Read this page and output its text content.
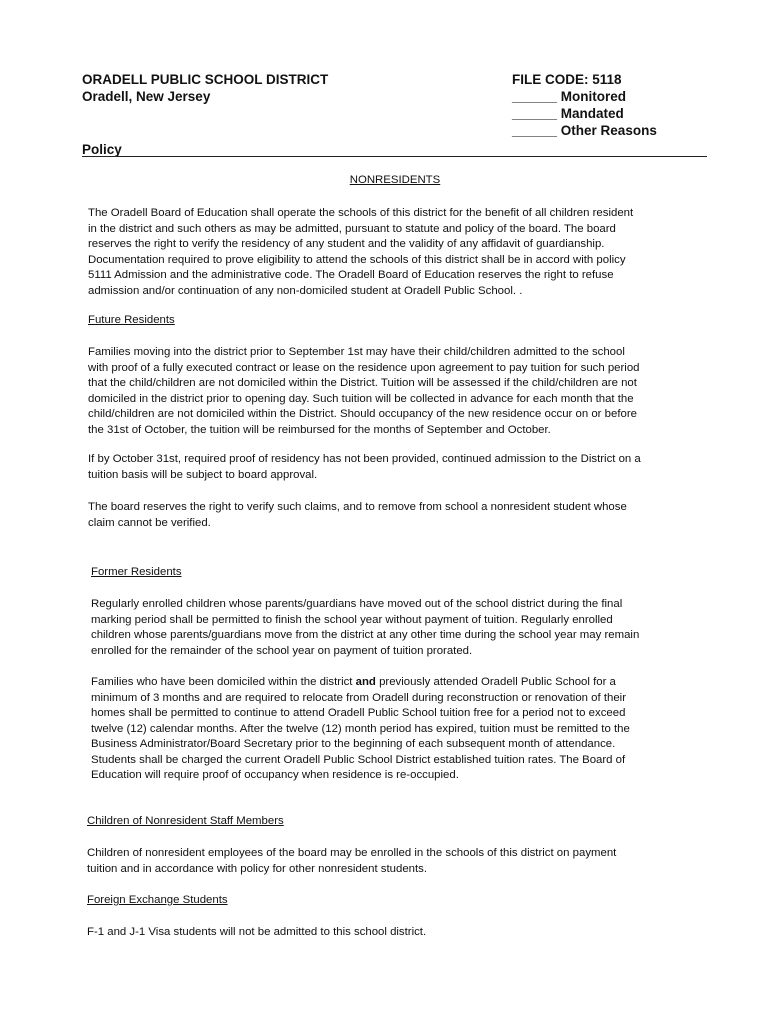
ORADELL PUBLIC SCHOOL DISTRICT
Oradell, New Jersey
FILE CODE: 5118
______ Monitored
______ Mandated
______ Other Reasons
Policy
NONRESIDENTS
The Oradell Board of Education shall operate the schools of this district for the benefit of all children resident
in the district and such others as may be admitted, pursuant to statute and policy of the board. The board
reserves the right to verify the residency of any student and the validity of any affidavit of guardianship.
Documentation required to prove eligibility to attend the schools of this district shall be in accord with policy
5111 Admission and the administrative code. The Oradell Board of Education reserves the right to refuse
admission and/or continuation of any non-domiciled student at Oradell Public School. .
Future Residents
Families moving into the district prior to September 1st may have their child/children admitted to the school
with proof of a fully executed contract or lease on the residence upon agreement to pay tuition for such period
that the child/children are not domiciled within the District. Tuition will be assessed if the child/children are not
domiciled in the district prior to opening day. Such tuition will be collected in advance for each month that the
child/children are not domiciled within the District. Should occupancy of the new residence occur on or before
the 31st of October, the tuition will be reimbursed for the months of September and October.
If by October 31st, required proof of residency has not been provided, continued admission to the District on a
tuition basis will be subject to board approval.
The board reserves the right to verify such claims, and to remove from school a nonresident student whose
claim cannot be verified.
Former Residents
Regularly enrolled children whose parents/guardians have moved out of the school district during the final
marking period shall be permitted to finish the school year without payment of tuition. Regularly enrolled
children whose parents/guardians move from the district at any other time during the school year may remain
enrolled for the remainder of the school year on payment of tuition prorated.
Families who have been domiciled within the district and previously attended Oradell Public School for a
minimum of 3 months and are required to relocate from Oradell during reconstruction or renovation of their
homes shall be permitted to continue to attend Oradell Public School tuition free for a period not to exceed
twelve (12) calendar months. After the twelve (12) month period has expired, tuition must be remitted to the
Business Administrator/Board Secretary prior to the beginning of each subsequent month of attendance.
Students shall be charged the current Oradell Public School District established tuition rates. The Board of
Education will require proof of occupancy when residence is re-occupied.
Children of Nonresident Staff Members
Children of nonresident employees of the board may be enrolled in the schools of this district on payment
tuition and in accordance with policy for other nonresident students.
Foreign Exchange Students
F-1 and J-1 Visa students will not be admitted to this school district.
